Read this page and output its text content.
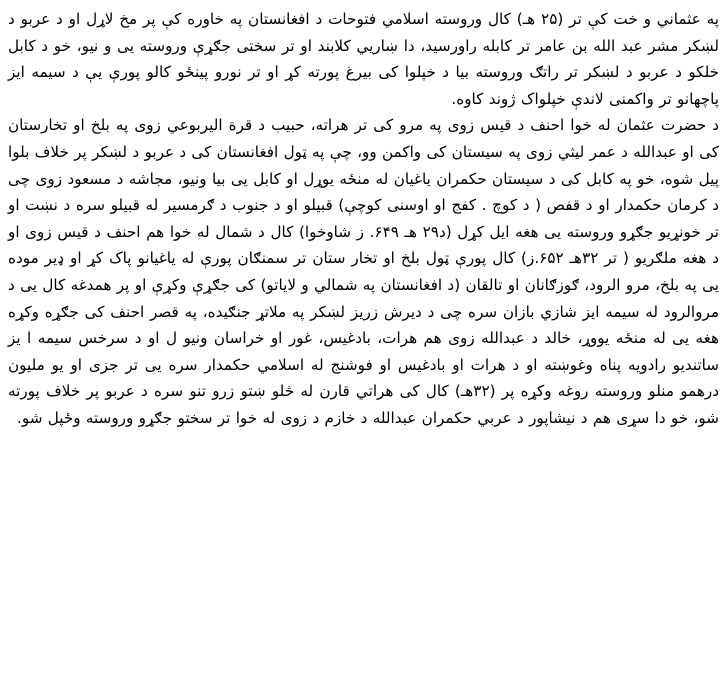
په عثماني و خت کې تر (۲۵ هـ) کال وروسته اسلامي فتوحات د افغانستان په خاوره کې پر مخ لاړل او د عربو د لښکر مشر عبد الله بن عامر تر کابله راورسید، دا ښاريي کلابند او تر سختی جګړې وروسته یی و نیو، خو د کابل خلکو د عربو د لښکر تر راتګ وروسته بیا د خپلوا کی بیرغ پورته کړ او تر نورو پینځو کالو پورې یې د سیمه ایز پاچهانو تر واکمنی لاندې خپلواک ژوند کاوه.

د حضرت عثمان له خوا احنف د قیس زوی په مرو کی تر هراته، حبیب د قرة الیربوعي زوی په بلخ او تخارستان کی او عبدالله د عمر لیثي زوی په سیستان کی واکمن وو، چې په ټول افغانستان کی د عربو د لښکر پر خلاف بلوا پیل شوه، خو په کابل کی د سیستان حکمران یاغیان له منځه یوړل او کابل یی بیا ونیو، مجاشه د مسعود زوی چی د کرمان حکمدار او د قفص ( د کوچ . کفج او اوسنی کوچې) قبیلو او د جنوب د ګرمسیر له قبیلو سره د نښت او تر خونړیو جګړو وروسته یی هغه ایل کړل (د۲۹ هـ ۶۴۹. ز شاوخوا) کال د شمال له خوا هم احنف د قیس زوی او د هغه ملګریو ( تر ۳۲هـ ۶۵۲.ز) کال پورې ټول بلخ او تخار ستان تر سمنګان پورې له یاغیانو پاک کړ او ډیر موده یی په بلخ، مرو الرود، ګوزګانان او تالقان (د افغانستان په شمالي و لایاتو) کی جګړې وکړې او پر همدغه کال یی د مروالرود له سیمه ایز شازي بازان سره چی د دیرش زریز لښکر په ملاتړ جنګیده، په قصر احنف کی جګړه وکړه هغه یی له منځه یووړ، خالد د عبدالله زوی هم هرات، بادغیس، غور او خراسان ونیو ل او د سرخس سیمه ا یز ساتندیو رادویه پناه وغوښته او د هرات او بادغیس او فوشنج له اسلامي حکمدار سره یی تر جزی او یو ملیون درهمو منلو وروسته روغه وکړه پر (۳۲هـ) کال کی هراتي قارن له څلو ښتو زرو تنو سره د عربو پر خلاف پورته شو، خو دا سړی هم د نیشاپور د عربي حکمران عبدالله د خازم د زوی له خوا تر سختو جګړو وروسته وځپل شو.
